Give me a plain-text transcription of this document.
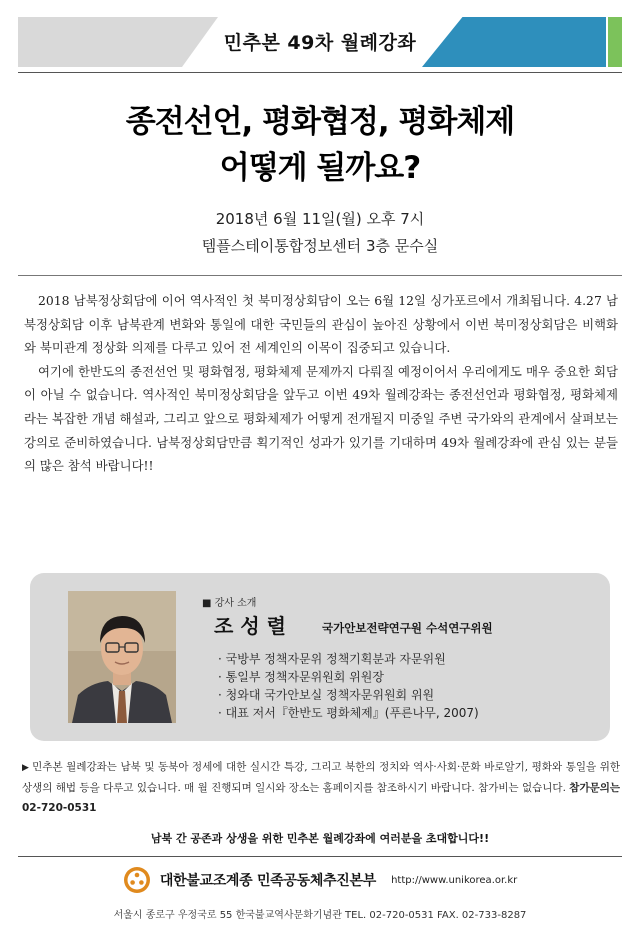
민추본 49차 월례강좌
종전선언, 평화협정, 평화체제
어떻게 될까요?
2018년 6월 11일(월) 오후 7시
템플스테이통합정보센터 3층 문수실

2018 남북정상회담에 이어 역사적인 첫 북미정상회담이 오는 6월 12일 싱가포르에서 개최됩니다. 4.27 남북정상회담 이후 남북관계 변화와 통일에 대한 국민들의 관심이 높아진 상황에서 이번 북미정상회담은 비핵화와 북미관계 정상화 의제를 다루고 있어 전 세계인의 이목이 집중되고 있습니다.

여기에 한반도의 종전선언 및 평화협정, 평화체제 문제까지 다뤄질 예정이어서 우리에게도 매우 중요한 회담이 아닐 수 없습니다. 역사적인 북미정상회담을 앞두고 이번 49차 월례강좌는 종전선언과 평화협정, 평화체제라는 복잡한 개념 해설과, 그리고 앞으로 평화체제가 어떻게 전개될지 미중일 주변 국가와의 관계에서 살펴보는 강의로 준비하였습니다. 남북정상회담만큼 획기적인 성과가 있기를 기대하며 49차 월례강좌에 관심 있는 분들의 많은 참석 바랍니다!!

■ 강사 소개
조성렬	국가안보전략연구원 수석연구위원
· 국방부 정책자문위 정책기획분과 자문위원
· 통일부 정책자문위원회 위원장
· 청와대 국가안보실 정책자문위원회 위원
· 대표 저서『한반도 평화체제』(푸른나무, 2007)
▶ 민추본 월례강좌는 남북 및 동북아 정세에 대한 실시간 특강, 그리고 북한의 정치와 역사·사회·문화 바로알기, 평화와 통일을 위한 상생의 해법 등을 다루고 있습니다. 매 월 진행되며 일시와 장소는 홈페이지를 참조하시기 바랍니다. 참가비는 없습니다. 참가문의는 02-720-0531
남북 간 공존과 상생을 위한 민추본 월례강좌에 여러분을 초대합니다!!
대한불교조계종 민족공동체추진본부 http://www.unikorea.or.kr
서울시 종로구 우정국로 55 한국불교역사문화기념관 TEL. 02-720-0531 FAX. 02-733-8287
